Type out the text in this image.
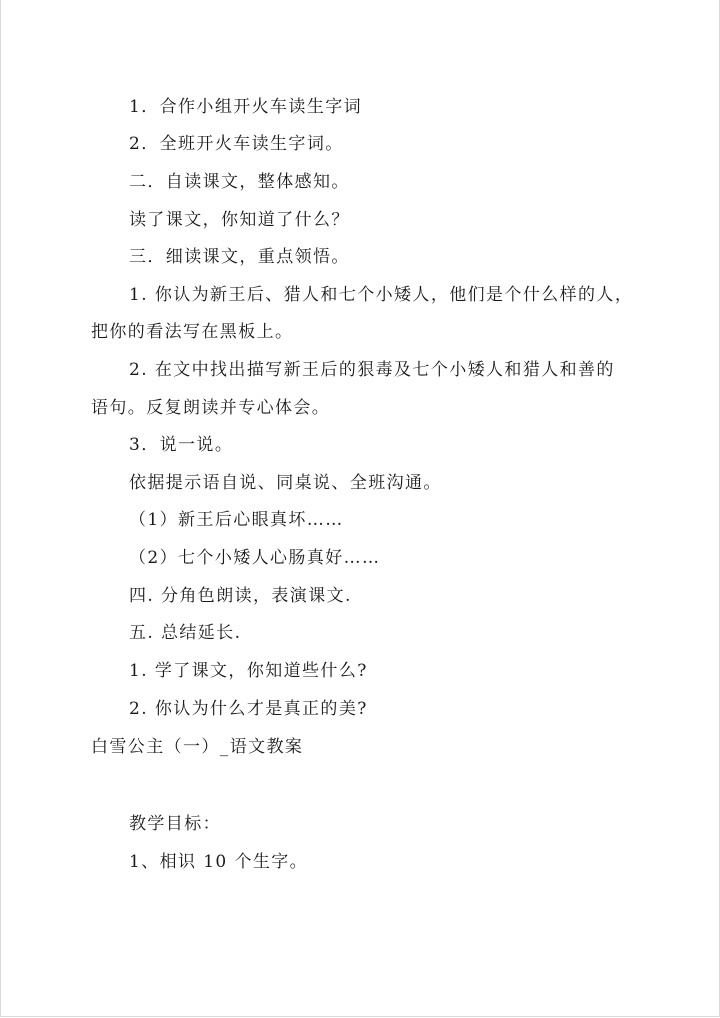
1．合作小组开火车读生字词
2．全班开火车读生字词。
二．自读课文，整体感知。
读了课文，你知道了什么？
三．细读课文，重点领悟。
1. 你认为新王后、猎人和七个小矮人，他们是个什么样的人，
把你的看法写在黑板上。
2. 在文中找出描写新王后的狠毒及七个小矮人和猎人和善的
语句。反复朗读并专心体会。
3．说一说。
依据提示语自说、同桌说、全班沟通。
（1）新王后心眼真坏……
（2）七个小矮人心肠真好……
四. 分角色朗读，表演课文.
五. 总结延长.
1. 学了课文，你知道些什么?
2. 你认为什么才是真正的美?
白雪公主（一）_语文教案
教学目标：
1、相识 10 个生字。
